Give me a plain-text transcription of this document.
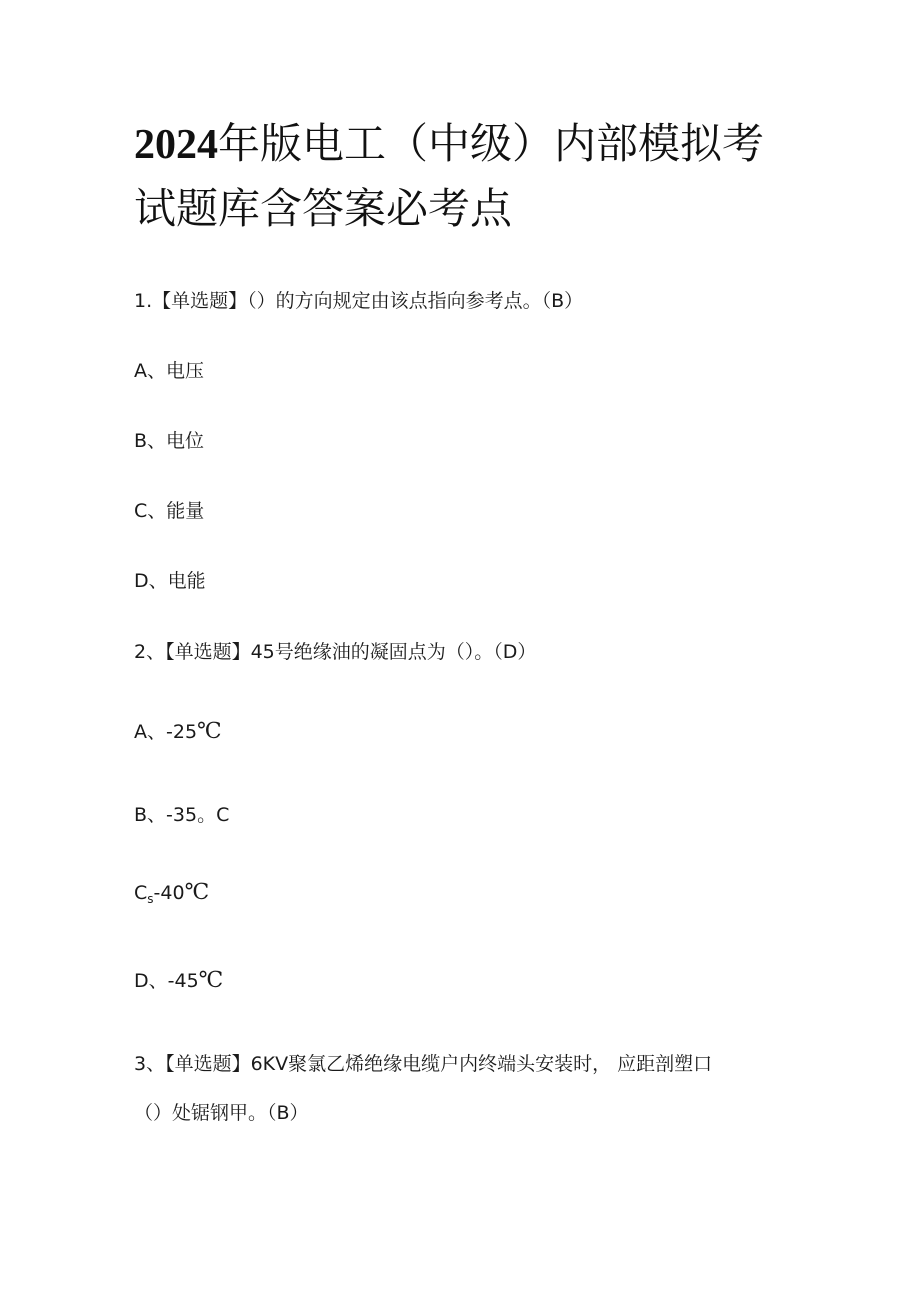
2024年版电工（中级）内部模拟考试题库含答案必考点
1.【单选题】（）的方向规定由该点指向参考点。（B）
A、电压
B、电位
C、能量
D、电能
2、【单选题】45号绝缘油的凝固点为（）。（D）
A、-25℃
B、-35。C
$C_s-40℃$
D、-45℃
3、【单选题】6KV聚氯乙烯绝缘电缆户内终端头安装时， 应距剖塑口
（）处锯钢甲。（B）
